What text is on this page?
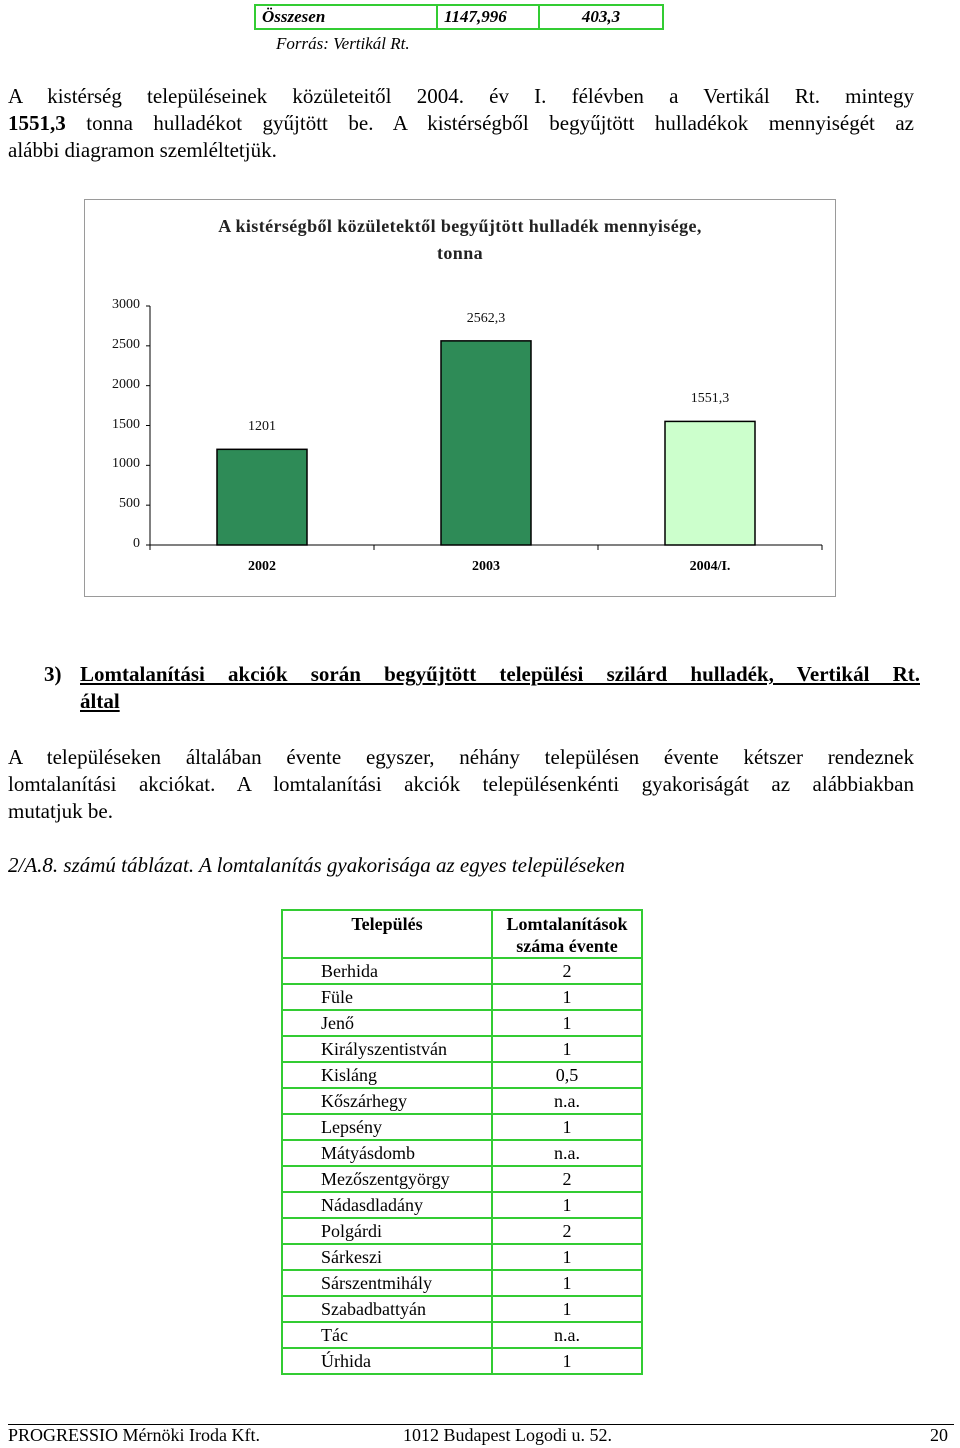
Összesen	1147,996	403,3
Forrás: Vertikál Rt.
A kistérség településeinek közületeitől 2004. év I. félévben a Vertikál Rt. mintegy
1551,3 tonna hulladékot gyűjtött be. A kistérségből begyűjtött hulladékok mennyiségét az
alábbi diagramon szemléltetjük.
A kistérségből közületektől begyűjtött hulladék mennyisége,
tonna
0
500
1000
1500
2000
2500
3000
2002
1201
2003
2562,3
2004/I.
1551,3
3) Lomtalanítási akciók során begyűjtött települési szilárd hulladék, Vertikál Rt.
által
A településeken általában évente egyszer, néhány településen évente kétszer rendeznek
lomtalanítási akciókat. A lomtalanítási akciók településenkénti gyakoriságát az alábbiakban
mutatjuk be.
2/A.8. számú táblázat. A lomtalanítás gyakorisága az egyes településeken
Település	Lomtalanítások
száma évente

Berhida	2
Füle	1
Jenő	1
Királyszentistván	1
Kisláng	0,5
Kőszárhegy	n.a.
Lepsény	1
Mátyásdomb	n.a.
Mezőszentgyörgy	2
Nádasdladány	1
Polgárdi	2
Sárkeszi	1
Sárszentmihály	1
Szabadbattyán	1
Tác	n.a.
Úrhida	1
PROGRESSIO Mérnöki Iroda Kft.	1012 Budapest Logodi u. 52.	20
